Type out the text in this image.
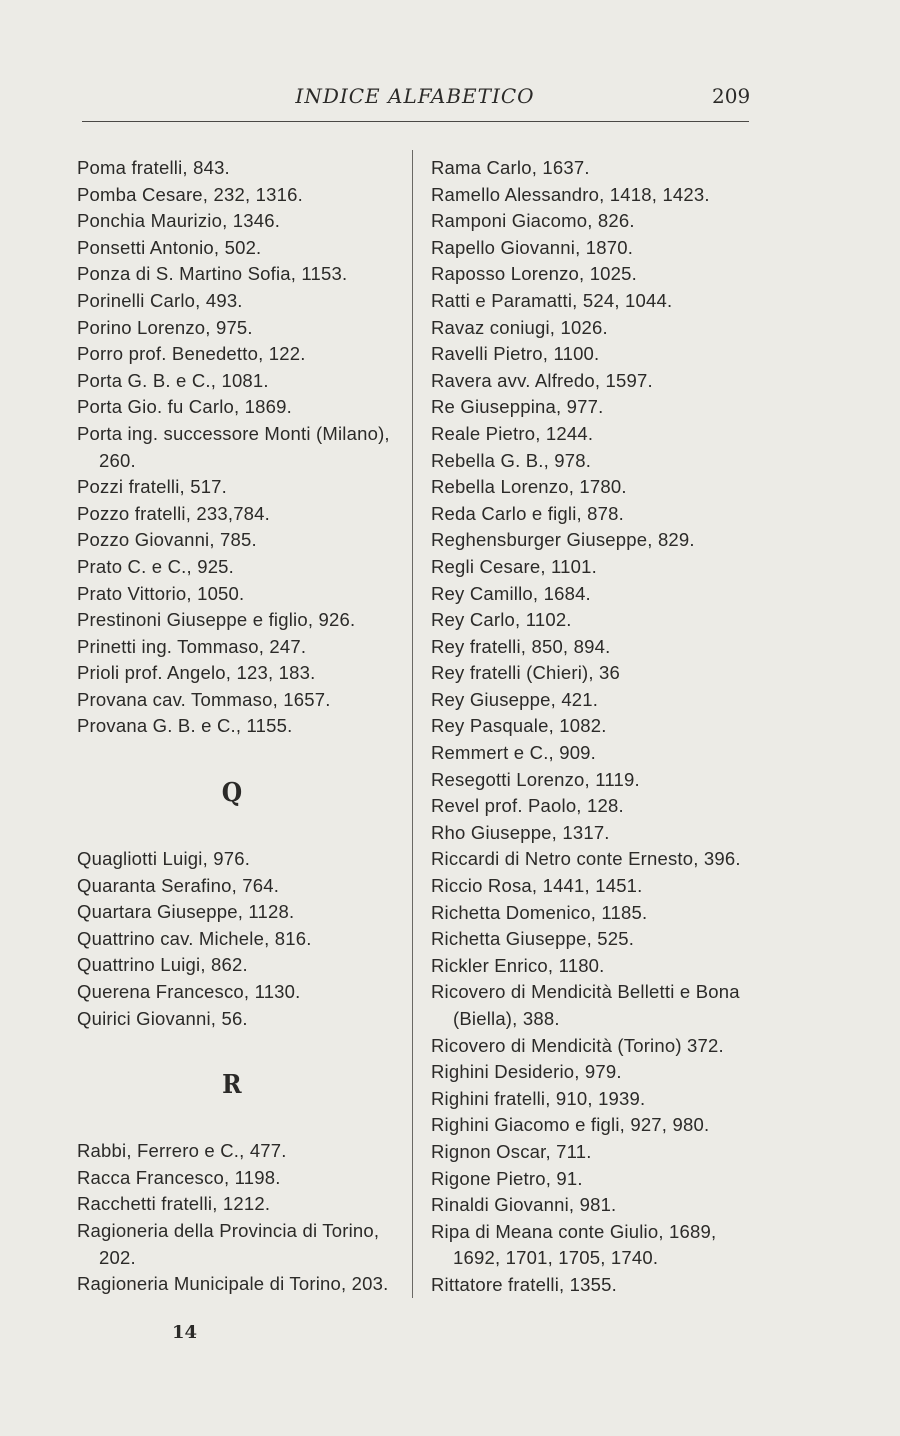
INDICE ALFABETICO	209

Poma fratelli, 843.

Pomba Cesare, 232, 1316.

Ponchia Maurizio, 1346.

Ponsetti Antonio, 502.

Ponza di S. Martino Sofia, 1153.

Porinelli Carlo, 493.

Porino Lorenzo, 975.

Porro prof. Benedetto, 122.

Porta G. B. e C., 1081.

Porta Gio. fu Carlo, 1869.

Porta ing. successore Monti (Milano), 260.

Pozzi fratelli, 517.

Pozzo fratelli, 233,784.

Pozzo Giovanni, 785.

Prato C. e C., 925.

Prato Vittorio, 1050.

Prestinoni Giuseppe e figlio, 926.

Prinetti ing. Tommaso, 247.

Prioli prof. Angelo, 123, 183.

Provana cav. Tommaso, 1657.

Provana G. B. e C., 1155.

Q

Quagliotti Luigi, 976.

Quaranta Serafino, 764.

Quartara Giuseppe, 1128.

Quattrino cav. Michele, 816.

Quattrino Luigi, 862.

Querena Francesco, 1130.

Quirici Giovanni, 56.

R

Rabbi, Ferrero e C., 477.

Racca Francesco, 1198.

Racchetti fratelli, 1212.

Ragioneria della Provincia di Torino, 202.

Ragioneria Municipale di Torino, 203.

Rama Carlo, 1637.

Ramello Alessandro, 1418, 1423.

Ramponi Giacomo, 826.

Rapello Giovanni, 1870.

Raposso Lorenzo, 1025.

Ratti e Paramatti, 524, 1044.

Ravaz coniugi, 1026.

Ravelli Pietro, 1100.

Ravera avv. Alfredo, 1597.

Re Giuseppina, 977.

Reale Pietro, 1244.

Rebella G. B., 978.

Rebella Lorenzo, 1780.

Reda Carlo e figli, 878.

Reghensburger Giuseppe, 829.

Regli Cesare, 1101.

Rey Camillo, 1684.

Rey Carlo, 1102.

Rey fratelli, 850, 894.

Rey fratelli (Chieri), 36

Rey Giuseppe, 421.

Rey Pasquale, 1082.

Remmert e C., 909.

Resegotti Lorenzo, 1119.

Revel prof. Paolo, 128.

Rho Giuseppe, 1317.

Riccardi di Netro conte Ernesto, 396.

Riccio Rosa, 1441, 1451.

Richetta Domenico, 1185.

Richetta Giuseppe, 525.

Rickler Enrico, 1180.

Ricovero di Mendicità Belletti e Bona (Biella), 388.

Ricovero di Mendicità (Torino) 372.

Righini Desiderio, 979.

Righini fratelli, 910, 1939.

Righini Giacomo e figli, 927, 980.

Rignon Oscar, 711.

Rigone Pietro, 91.

Rinaldi Giovanni, 981.

Ripa di Meana conte Giulio, 1689, 1692, 1701, 1705, 1740.

Rittatore fratelli, 1355.

14
